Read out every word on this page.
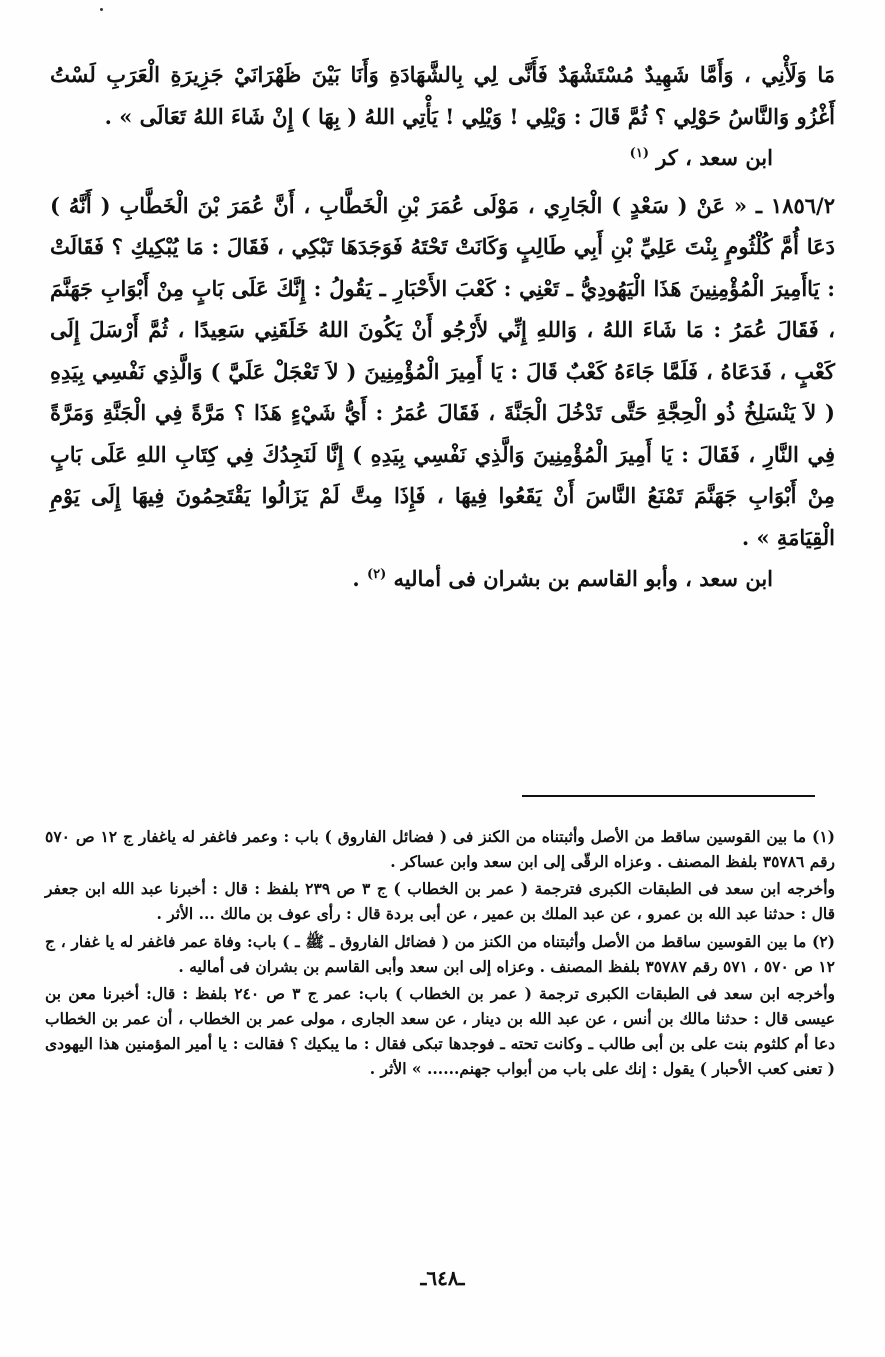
مَا وَلَأْنِي ، وَأَمَّا شَهِيدٌ مُسْتَشْهَدٌ فَأَنَّى لِي بِالشَّهَادَةِ وَأَنَا بَيْنَ ظَهْرَانَيْ جَزِيرَةِ الْعَرَبِ لَسْتُ أَغْزُو وَالنَّاسُ حَوْلِي ؟ ثُمَّ قَالَ : وَيْلِي ! وَيْلِي ! يَأْتِي اللهُ ( بِهَا ) إِنْ شَاءَ اللهُ تَعَالَى » .

ابن سعد ، كر $^{(١)}$

١٨٥٦/٢ ـ « عَنْ ( سَعْدٍ ) الْجَارِي ، مَوْلَى عُمَرَ بْنِ الْخَطَّابِ ، أَنَّ عُمَرَ بْنَ الْخَطَّابِ ( أَنَّهُ ) دَعَا أُمَّ كُلْثُومٍ بِنْتَ عَلِيِّ بْنِ أَبِي طَالِبٍ وَكَانَتْ تَحْتَهُ فَوَجَدَهَا تَبْكِي ، فَقَالَ : مَا يُبْكِيكِ ؟ فَقَالَتْ : يَاأَمِيرَ الْمُؤْمِنِينَ هَذَا الْيَهُودِيُّ ـ تَعْنِي : كَعْبَ الأَحْبَارِ ـ يَقُولُ : إِنَّكَ عَلَى بَابٍ مِنْ أَبْوَابِ جَهَنَّمَ ، فَقَالَ عُمَرُ : مَا شَاءَ اللهُ ، وَاللهِ إِنِّي لأَرْجُو أَنْ يَكُونَ اللهُ خَلَقَنِي سَعِيدًا ، ثُمَّ أَرْسَلَ إِلَى كَعْبٍ ، فَدَعَاهُ ، فَلَمَّا جَاءَهُ كَعْبٌ قَالَ : يَا أَمِيرَ الْمُؤْمِنِينَ ( لاَ تَعْجَلْ عَلَيَّ ) وَالَّذِي نَفْسِي بِيَدِهِ ( لاَ يَنْسَلِخُ ذُو الْحِجَّةِ حَتَّى تَدْخُلَ الْجَنَّةَ ، فَقَالَ عُمَرُ : أَيُّ شَيْءٍ هَذَا ؟ مَرَّةً فِي الْجَنَّةِ وَمَرَّةً فِي النَّارِ ، فَقَالَ : يَا أَمِيرَ الْمُؤْمِنِينَ وَالَّذِي نَفْسِي بِيَدِهِ ) إِنَّا لَنَجِدُكَ فِي كِتَابِ اللهِ عَلَى بَابٍ مِنْ أَبْوَابِ جَهَنَّمَ تَمْنَعُ النَّاسَ أَنْ يَقَعُوا فِيهَا ، فَإِذَا مِتَّ لَمْ يَزَالُوا يَقْتَحِمُونَ فِيهَا إِلَى يَوْمِ الْقِيَامَةِ » .

ابن سعد ، وأبو القاسم بن بشران فى أماليه $^{(٢)}$ .

(١) ما بين القوسين ساقط من الأصل وأثبتناه من الكنز فى ( فضائل الفاروق ) باب : وعمر فاغفر له ياغفار ج ١٢ ص ٥٧٠ رقم ٣٥٧٨٦ بلفظ المصنف . وعزاه الرقّى إلى ابن سعد وابن عساكر .

وأخرجه ابن سعد فى الطبقات الكبرى فترجمة ( عمر بن الخطاب ) ج ٣ ص ٢٣٩ بلفظ : قال : أخبرنا عبد الله ابن جعفر قال : حدثنا عبد الله بن عمرو ، عن عبد الملك بن عمير ، عن أبى بردة قال : رأى عوف بن مالك ... الأثر .

(٢) ما بين القوسين ساقط من الأصل وأثبتناه من الكنز من ( فضائل الفاروق ـ ﷺ ـ ) باب: وفاة عمر فاغفر له يا غفار ، ج ١٢ ص ٥٧٠ ، ٥٧١ رقم ٣٥٧٨٧ بلفظ المصنف . وعزاه إلى ابن سعد وأبى القاسم بن بشران فى أماليه .

وأخرجه ابن سعد فى الطبقات الكبرى ترجمة ( عمر بن الخطاب ) باب: عمر ج ٣ ص ٢٤٠ بلفظ : قال: أخبرنا معن بن عيسى قال : حدثنا مالك بن أنس ، عن عبد الله بن دينار ، عن سعد الجارى ، مولى عمر بن الخطاب ، أن عمر بن الخطاب دعا أم كلثوم بنت على بن أبى طالب ـ وكانت تحته ـ فوجدها تبكى فقال : ما يبكيك ؟ فقالت : يا أمير المؤمنين هذا اليهودى ( تعنى كعب الأحبار ) يقول : إنك على باب من أبواب جهنم...... » الأثر .

ـ٦٤٨ـ
